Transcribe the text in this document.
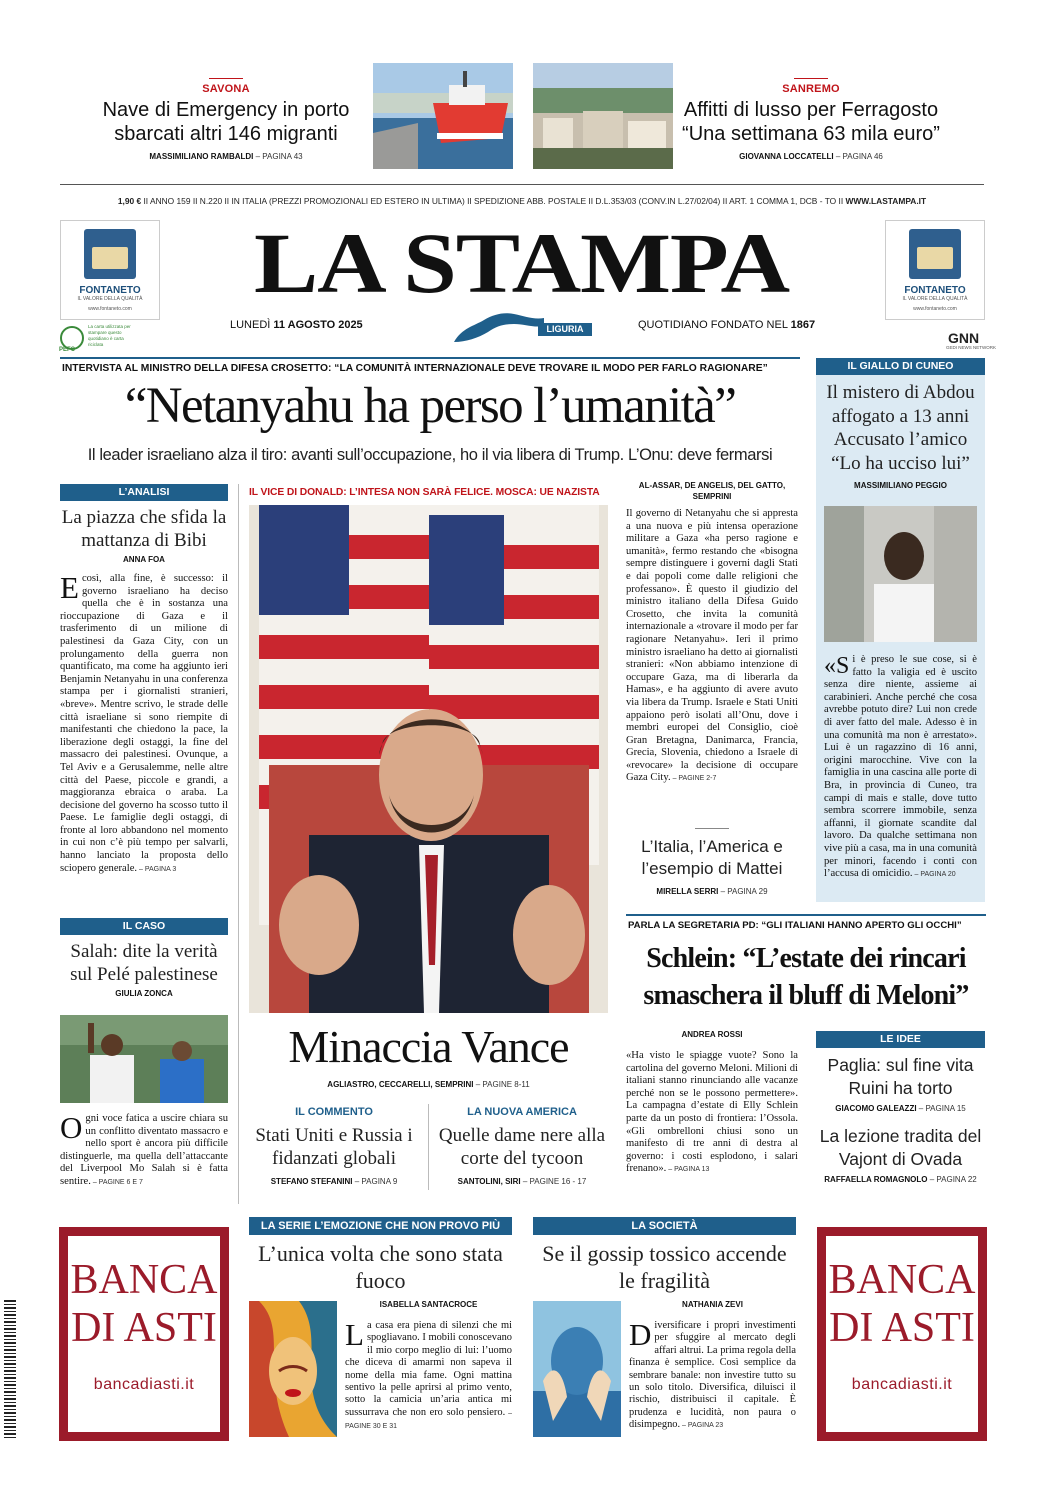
SAVONA
Nave di Emergency in porto sbarcati altri 146 migranti
MASSIMILIANO RAMBALDI – PAGINA 43
SANREMO
Affitti di lusso per Ferragosto “Una settimana 63 mila euro”
GIOVANNA LOCCATELLI – PAGINA 46
1,90 € II ANNO 159 II N.220 II IN ITALIA (PREZZI PROMOZIONALI ED ESTERO IN ULTIMA) II SPEDIZIONE ABB. POSTALE II D.L.353/03 (CONV.IN L.27/02/04) II ART. 1 COMMA 1, DCB - TO II WWW.LASTAMPA.IT
FONTANETO
IL VALORE DELLA QUALITÀ
www.fontaneto.com
FONTANETO
IL VALORE DELLA QUALITÀ
www.fontaneto.com
PEFC
La carta utilizzata per stampare questo quotidiano è carta riciclata	GNN
GEDI NEWS NETWORK
LA STAMPA
LUNEDÌ 11 AGOSTO 2025	LIGURIA	QUOTIDIANO FONDATO NEL 1867
INTERVISTA AL MINISTRO DELLA DIFESA CROSETTO: “LA COMUNITÀ INTERNAZIONALE DEVE TROVARE IL MODO PER FARLO RAGIONARE”
“Netanyahu ha perso l’umanità”
Il leader israeliano alza il tiro: avanti sull’occupazione, ho il via libera di Trump. L’Onu: deve fermarsi
L’ANALISI
La piazza che sfida la mattanza di Bibi
ANNA FOA
Ecosì, alla fine, è successo: il governo israeliano ha deciso quella che è in sostanza una rioccupazione di Gaza e il trasferimento di un milione di palestinesi da Gaza City, con un prolungamento della guerra non quantificato, ma come ha aggiunto ieri Benjamin Netanyahu in una conferenza stampa per i giornalisti stranieri, «breve». Mentre scrivo, le strade delle città israeliane si sono riempite di manifestanti che chiedono la pace, la liberazione degli ostaggi, la fine del massacro dei palestinesi. Ovunque, a Tel Aviv e a Gerusalemme, nelle altre città del Paese, piccole e grandi, a maggioranza ebraica o araba. La decisione del governo ha scosso tutto il Paese. Le famiglie degli ostaggi, di fronte al loro abbandono nel momento in cui non c’è più tempo per salvarli, hanno lanciato la proposta dello sciopero generale. – PAGINA 3
IL CASO
Salah: dite la verità sul Pelé palestinese
GIULIA ZONCA
Ogni voce fatica a uscire chiara su un conflitto diventato massacro e nello sport è ancora più difficile distinguerle, ma quella dell’attaccante del Liverpool Mo Salah si è fatta sentire. – PAGINE 6 E 7
IL VICE DI DONALD: L’INTESA NON SARÀ FELICE. MOSCA: UE NAZISTA
Minaccia Vance
AGLIASTRO, CECCARELLI, SEMPRINI – PAGINE 8-11
IL COMMENTO
Stati Uniti e Russia i fidanzati globali
STEFANO STEFANINI – PAGINA 9
LA NUOVA AMERICA
Quelle dame nere alla corte del tycoon
SANTOLINI, SIRI – PAGINE 16 - 17
AL-ASSAR, DE ANGELIS, DEL GATTO, SEMPRINI
Il governo di Netanyahu che si appresta a una nuova e più intensa operazione militare a Gaza «ha perso ragione e umanità», fermo restando che «bisogna sempre distinguere i governi dagli Stati e dai popoli come dalle religioni che professano». È questo il giudizio del ministro italiano della Difesa Guido Crosetto, che invita la comunità internazionale a «trovare il modo per far ragionare Netanyahu». Ieri il primo ministro israeliano ha detto ai giornalisti stranieri: «Non abbiamo intenzione di occupare Gaza, ma di liberarla da Hamas», e ha aggiunto di avere avuto via libera da Trump. Israele e Stati Uniti appaiono però isolati all’Onu, dove i membri europei del Consiglio, cioè Gran Bretagna, Danimarca, Francia, Grecia, Slovenia, chiedono a Israele di «revocare» la decisione di occupare Gaza City. – PAGINE 2-7
L’Italia, l’America e l’esempio di Mattei
MIRELLA SERRI – PAGINA 29
IL GIALLO DI CUNEO
Il mistero di Abdou affogato a 13 anni Accusato l’amico “Lo ha ucciso lui”
MASSIMILIANO PEGGIO
«Si è preso le sue cose, si è fatto la valigia ed è uscito senza dire niente, assieme ai carabinieri. Anche perché che cosa avrebbe potuto dire? Lui non crede di aver fatto del male. Adesso è in una comunità ma non è arrestato». Lui è un ragazzino di 16 anni, origini marocchine. Vive con la famiglia in una cascina alle porte di Bra, in provincia di Cuneo, tra campi di mais e stalle, dove tutto sembra scorrere immobile, senza affanni, il giornate scandite dal lavoro. Da qualche settimana non vive più a casa, ma in una comunità per minori, facendo i conti con l’accusa di omicidio. – PAGINA 20
PARLA LA SEGRETARIA PD: “GLI ITALIANI HANNO APERTO GLI OCCHI”
Schlein: “L’estate dei rincari smaschera il bluff di Meloni”
ANDREA ROSSI
«Ha visto le spiagge vuote? Sono la cartolina del governo Meloni. Milioni di italiani stanno rinunciando alle vacanze perché non se le possono permettere». La campagna d’estate di Elly Schlein parte da un posto di frontiera: l’Ossola. «Gli ombrelloni chiusi sono un manifesto di tre anni di destra al governo: i costi esplodono, i salari frenano». – PAGINA 13
LE IDEE
Paglia: sul fine vita Ruini ha torto
GIACOMO GALEAZZI – PAGINA 15
La lezione tradita del Vajont di Ovada
RAFFAELLA ROMAGNOLO – PAGINA 22
BANCA
DI ASTI
bancadiasti.it
BANCA
DI ASTI
bancadiasti.it
LA SERIE L’EMOZIONE CHE NON PROVO PIÙ
L’unica volta che sono stata fuoco
ISABELLA SANTACROCE
La casa era piena di silenzi che mi spogliavano. I mobili conoscevano il mio corpo meglio di lui: l’uomo che diceva di amarmi non sapeva il nome della mia fame. Ogni mattina sentivo la pelle aprirsi al primo vento, sotto la camicia un’aria antica mi sussurrava che non ero solo pensiero. – PAGINE 30 E 31
LA SOCIETÀ
Se il gossip tossico accende le fragilità
NATHANIA ZEVI
Diversificare i propri investimenti per sfuggire al mercato degli affari altrui. La prima regola della finanza è semplice. Così semplice da sembrare banale: non investire tutto su un solo titolo. Diversifica, diluisci il rischio, distribuisci il capitale. È prudenza e lucidità, non paura o disimpegno. – PAGINA 23
